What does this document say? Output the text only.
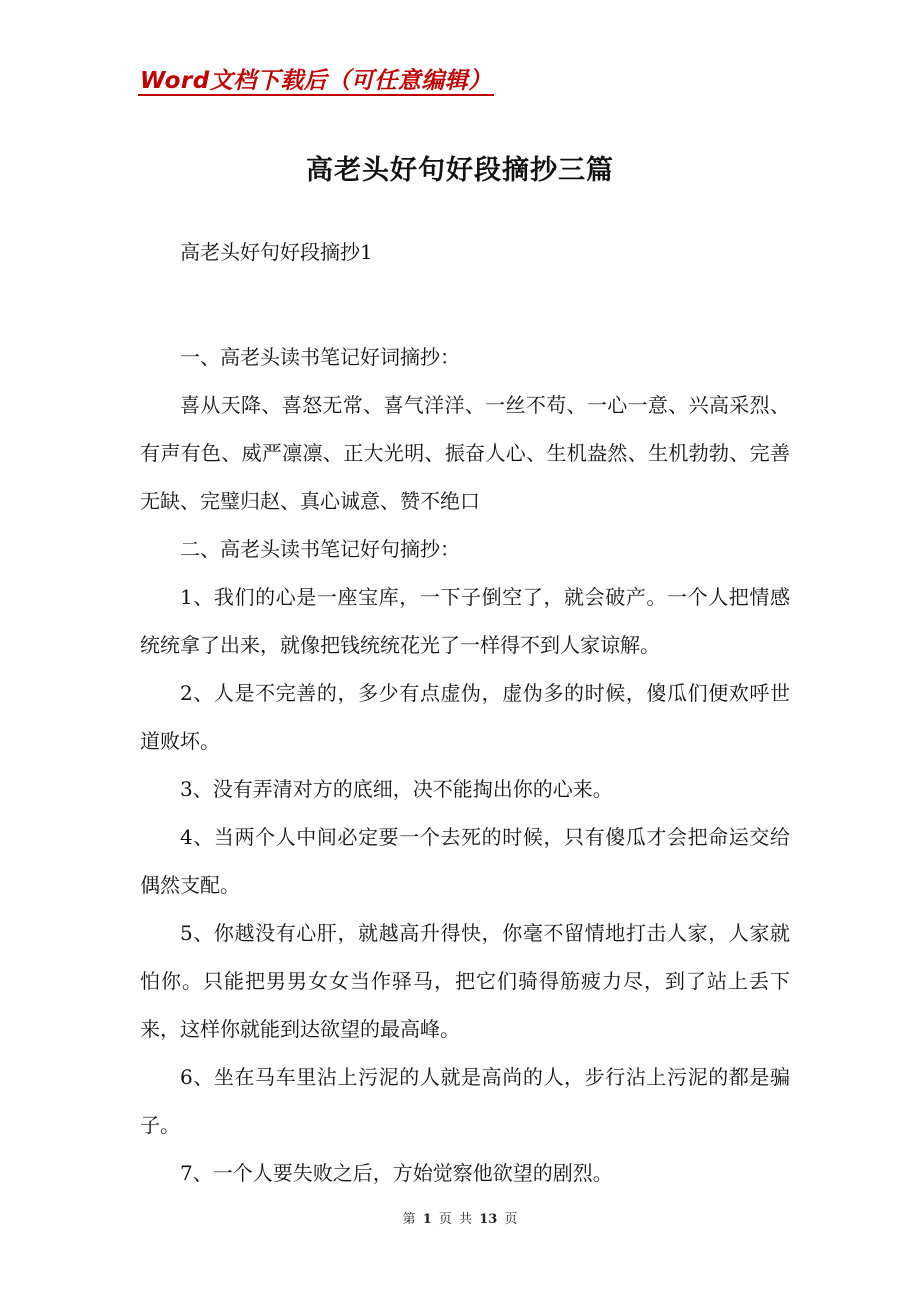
Word文档下载后（可任意编辑）
高老头好句好段摘抄三篇

高老头好句好段摘抄1

一、高老头读书笔记好词摘抄：

喜从天降、喜怒无常、喜气洋洋、一丝不苟、一心一意、兴高采烈、有声有色、威严凛凛、正大光明、振奋人心、生机盎然、生机勃勃、完善无缺、完璧归赵、真心诚意、赞不绝口

二、高老头读书笔记好句摘抄：

1、我们的心是一座宝库，一下子倒空了，就会破产。一个人把情感统统拿了出来，就像把钱统统花光了一样得不到人家谅解。

2、人是不完善的，多少有点虚伪，虚伪多的时候，傻瓜们便欢呼世道败坏。

3、没有弄清对方的底细，决不能掏出你的心来。

4、当两个人中间必定要一个去死的时候，只有傻瓜才会把命运交给偶然支配。

5、你越没有心肝，就越高升得快，你毫不留情地打击人家，人家就怕你。只能把男男女女当作驿马，把它们骑得筋疲力尽，到了站上丢下来，这样你就能到达欲望的最高峰。

6、坐在马车里沾上污泥的人就是高尚的人，步行沾上污泥的都是骗子。

7、一个人要失败之后，方始觉察他欲望的剧烈。

第 1 页 共 13 页
